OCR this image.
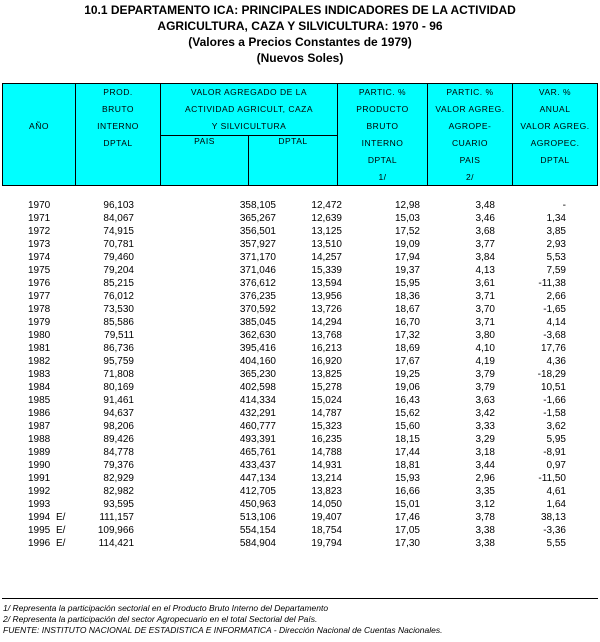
10.1 DEPARTAMENTO ICA: PRINCIPALES INDICADORES DE LA ACTIVIDAD
AGRICULTURA, CAZA Y SILVICULTURA: 1970 - 96
(Valores a Precios Constantes de 1979)
(Nuevos Soles)
AÑO
PROD.
BRUTO
INTERNO
DPTAL
VALOR AGREGADO DE LA
ACTIVIDAD AGRICULT, CAZA
Y SILVICULTURA
PAIS	DPTAL
PARTIC. %
PRODUCTO
BRUTO
INTERNO
DPTAL
1/
PARTIC. %
VALOR AGREG.
AGROPE-
CUARIO
PAIS
2/
VAR. %
ANUAL
VALOR AGREG.
AGROPEC.
DPTAL
1970	96,103	358,105	12,472	12,98	3,48	-
1971	84,067	365,267	12,639	15,03	3,46	1,34
1972	74,915	356,501	13,125	17,52	3,68	3,85
1973	70,781	357,927	13,510	19,09	3,77	2,93
1974	79,460	371,170	14,257	17,94	3,84	5,53
1975	79,204	371,046	15,339	19,37	4,13	7,59
1976	85,215	376,612	13,594	15,95	3,61	-11,38
1977	76,012	376,235	13,956	18,36	3,71	2,66
1978	73,530	370,592	13,726	18,67	3,70	-1,65
1979	85,586	385,045	14,294	16,70	3,71	4,14
1980	79,511	362,630	13,768	17,32	3,80	-3,68
1981	86,736	395,416	16,213	18,69	4,10	17,76
1982	95,759	404,160	16,920	17,67	4,19	4,36
1983	71,808	365,230	13,825	19,25	3,79	-18,29
1984	80,169	402,598	15,278	19,06	3,79	10,51
1985	91,461	414,334	15,024	16,43	3,63	-1,66
1986	94,637	432,291	14,787	15,62	3,42	-1,58
1987	98,206	460,777	15,323	15,60	3,33	3,62
1988	89,426	493,391	16,235	18,15	3,29	5,95
1989	84,778	465,761	14,788	17,44	3,18	-8,91
1990	79,376	433,437	14,931	18,81	3,44	0,97
1991	82,929	447,134	13,214	15,93	2,96	-11,50
1992	82,982	412,705	13,823	16,66	3,35	4,61
1993	93,595	450,963	14,050	15,01	3,12	1,64
1994 E/	111,157	513,106	19,407	17,46	3,78	38,13
1995 E/	109,966	554,154	18,754	17,05	3,38	-3,36
1996 E/	114,421	584,904	19,794	17,30	3,38	5,55
1/ Representa la participación sectorial en el Producto Bruto Interno del Departamento
2/ Representa la participación del sector Agropecuario en el total Sectorial del País.
FUENTE: INSTITUTO NACIONAL DE ESTADISTICA E INFORMATICA - Dirección Nacional de Cuentas Nacionales.
